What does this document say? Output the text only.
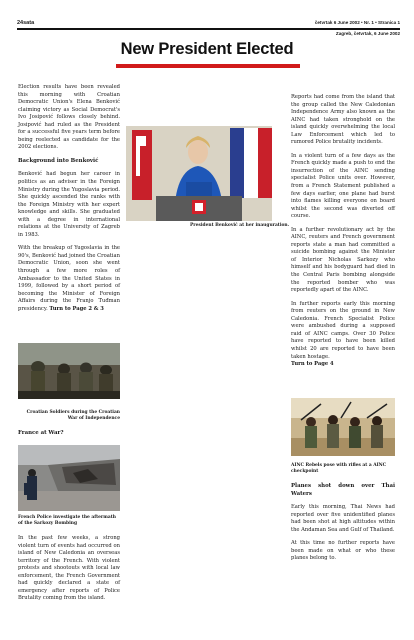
24sata	četvrtak 6 June 2002 • Nr. 1 • Stranica 1
Zagreb, četvrtak, 6 June 2002
New President Elected

Election results have been revealed this morning with Croatian Democratic Union's Elena Benković claiming victory as Social Democrat's Ivo Josipović follows closely behind. Josipović had ruled as the President for a successful five years term before being reelected as candidate for the 2002 elections.

Background into Benković

Benković had begun her career in politics as an adviser in the Foreign Ministry during the Yugoslavia period. She quickly ascended the ranks with the Foreign Ministry with her expert knowledge and skills. She graduated with a degree in international relations at the University of Zagreb in 1983.

With the breakup of Yugoslavia in the 90's, Benković had joined the Croatian Democratic Union, soon she went through a few more roles of Ambassador to the United States in 1999, followed by a short period of becoming the Minister of Foreign Affairs during the Franjo Tuđman presidency. Turn to Page 2 & 3

Croatian Soldiers during the Croatian War of Independence
France at War?
French Police investigate the aftermath of the Sarkozy Bombing

In the past few weeks, a strong violent turn of events had occurred on island of New Caledonia an overseas territory of the French. With violent protests and shootouts with local law enforcement, the French Government had quickly declared a state of emergency after reports of Police Brutality coming from the island.

President Benković at her inauguration.

Reports had come from the island that the group called the New Caledonian Independence Army also known as the AINC had taken stronghold on the island quickly overwhelming the local Law Enforcement which led to rumored Police brutality incidents.

In a violent turn of a few days as the French quickly made a push to end the insurrection of the AINC sending specialist Police units over. However, from a French Statement published a few days earlier, one plane had burst into flames killing everyone on board whilst the second was diverted off course.

In a further revolutionary act by the AINC, reuters and French government reports state a man had committed a suicide bombing against the Minister of Interior Nicholas Sarkozy who himself and his bodyguard had died in the Central Paris bombing alongside the reported bomber who was reportedly apart of the AINC.

In further reports early this morning from reuters on the ground in New Caledonia. French Specialist Police were ambushed during a supposed raid of AINC camps. Over 30 Police have reported to have been killed whilst 20 are reported to have been taken hostage.

Turn to Page 4

AINC Rebels pose with rifles at a AINC checkpoint
Planes shot down over Thai Waters

Early this morning, Thai News had reported over five unidentified planes had been shot at high altitudes within the Andaman Sea and Gulf of Thailand.

At this time no further reports have been made on what or who these planes belong to.
